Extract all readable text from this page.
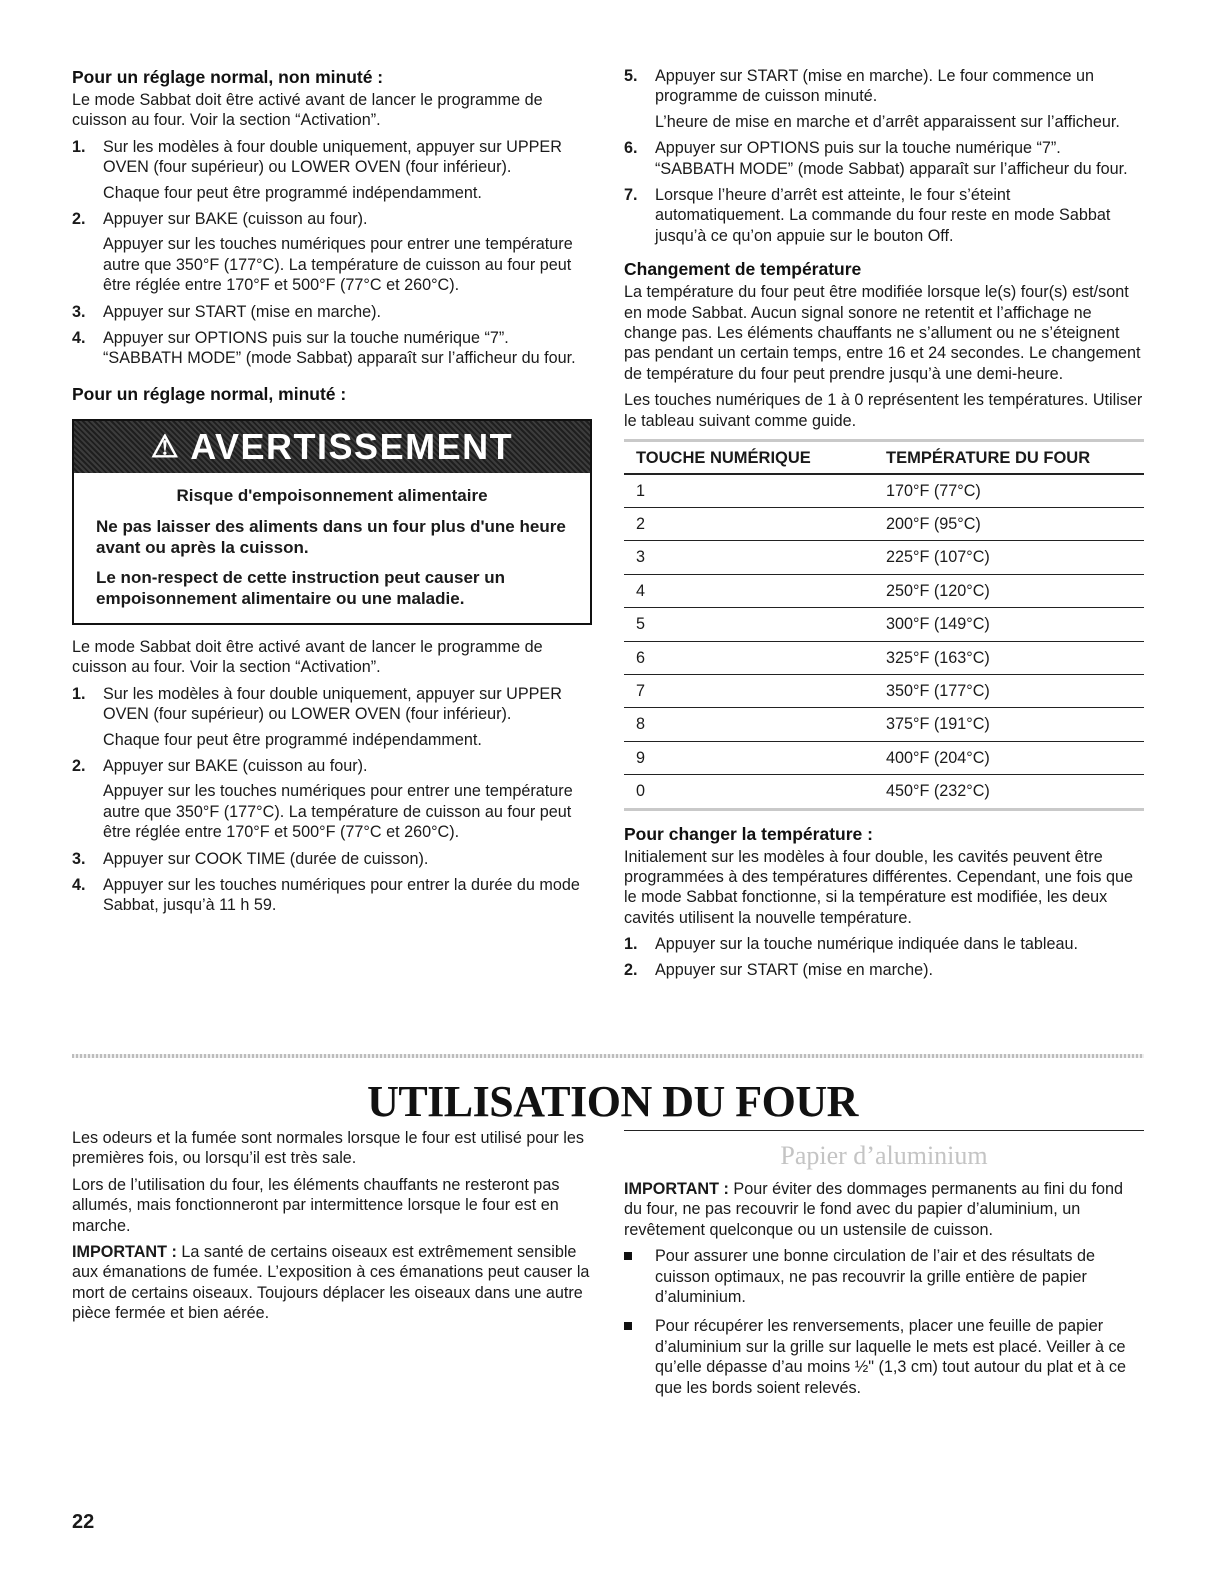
Pour un réglage normal, non minuté :

Le mode Sabbat doit être activé avant de lancer le programme de cuisson au four. Voir la section “Activation”.

1. Sur les modèles à four double uniquement, appuyer sur UPPER OVEN (four supérieur) ou LOWER OVEN (four inférieur).

Chaque four peut être programmé indépendamment.

2. Appuyer sur BAKE (cuisson au four).

Appuyer sur les touches numériques pour entrer une température autre que 350°F (177°C). La température de cuisson au four peut être réglée entre 170°F et 500°F (77°C et 260°C).

3. Appuyer sur START (mise en marche).

4. Appuyer sur OPTIONS puis sur la touche numérique “7”. “SABBATH MODE” (mode Sabbat) apparaît sur l’afficheur du four.

Pour un réglage normal, minuté :
⚠ AVERTISSEMENT

Risque d'empoisonnement alimentaire

Ne pas laisser des aliments dans un four plus d'une heure avant ou après la cuisson.

Le non-respect de cette instruction peut causer un empoisonnement alimentaire ou une maladie.

Le mode Sabbat doit être activé avant de lancer le programme de cuisson au four. Voir la section “Activation”.

1. Sur les modèles à four double uniquement, appuyer sur UPPER OVEN (four supérieur) ou LOWER OVEN (four inférieur).

Chaque four peut être programmé indépendamment.

2. Appuyer sur BAKE (cuisson au four).

Appuyer sur les touches numériques pour entrer une température autre que 350°F (177°C). La température de cuisson au four peut être réglée entre 170°F et 500°F (77°C et 260°C).

3. Appuyer sur COOK TIME (durée de cuisson).

4. Appuyer sur les touches numériques pour entrer la durée du mode Sabbat, jusqu’à 11 h 59.

5. Appuyer sur START (mise en marche). Le four commence un programme de cuisson minuté.

L’heure de mise en marche et d’arrêt apparaissent sur l’afficheur.

6. Appuyer sur OPTIONS puis sur la touche numérique “7”. “SABBATH MODE” (mode Sabbat) apparaît sur l’afficheur du four.

7. Lorsque l’heure d’arrêt est atteinte, le four s’éteint automatiquement. La commande du four reste en mode Sabbat jusqu’à ce qu’on appuie sur le bouton Off.

Changement de température

La température du four peut être modifiée lorsque le(s) four(s) est/sont en mode Sabbat. Aucun signal sonore ne retentit et l’affichage ne change pas. Les éléments chauffants ne s’allument ou ne s’éteignent pas pendant un certain temps, entre 16 et 24 secondes. Le changement de température du four peut prendre jusqu’à une demi-heure.

Les touches numériques de 1 à 0 représentent les températures. Utiliser le tableau suivant comme guide.

TOUCHE NUMÉRIQUE	TEMPÉRATURE DU FOUR
1	170°F (77°C)
2	200°F (95°C)
3	225°F (107°C)
4	250°F (120°C)
5	300°F (149°C)
6	325°F (163°C)
7	350°F (177°C)
8	375°F (191°C)
9	400°F (204°C)
0	450°F (232°C)
Pour changer la température :

Initialement sur les modèles à four double, les cavités peuvent être programmées à des températures différentes. Cependant, une fois que le mode Sabbat fonctionne, si la température est modifiée, les deux cavités utilisent la nouvelle température.

1. Appuyer sur la touche numérique indiquée dans le tableau.

2. Appuyer sur START (mise en marche).

UTILISATION DU FOUR

Les odeurs et la fumée sont normales lorsque le four est utilisé pour les premières fois, ou lorsqu’il est très sale.

Lors de l’utilisation du four, les éléments chauffants ne resteront pas allumés, mais fonctionneront par intermittence lorsque le four est en marche.

IMPORTANT : La santé de certains oiseaux est extrêmement sensible aux émanations de fumée. L’exposition à ces émanations peut causer la mort de certains oiseaux. Toujours déplacer les oiseaux dans une autre pièce fermée et bien aérée.

Papier d’aluminium

IMPORTANT : Pour éviter des dommages permanents au fini du fond du four, ne pas recouvrir le fond avec du papier d’aluminium, un revêtement quelconque ou un ustensile de cuisson.

Pour assurer une bonne circulation de l’air et des résultats de cuisson optimaux, ne pas recouvrir la grille entière de papier d’aluminium.
Pour récupérer les renversements, placer une feuille de papier d’aluminium sur la grille sur laquelle le mets est placé. Veiller à ce qu’elle dépasse d’au moins ½" (1,3 cm) tout autour du plat et à ce que les bords soient relevés.
22
